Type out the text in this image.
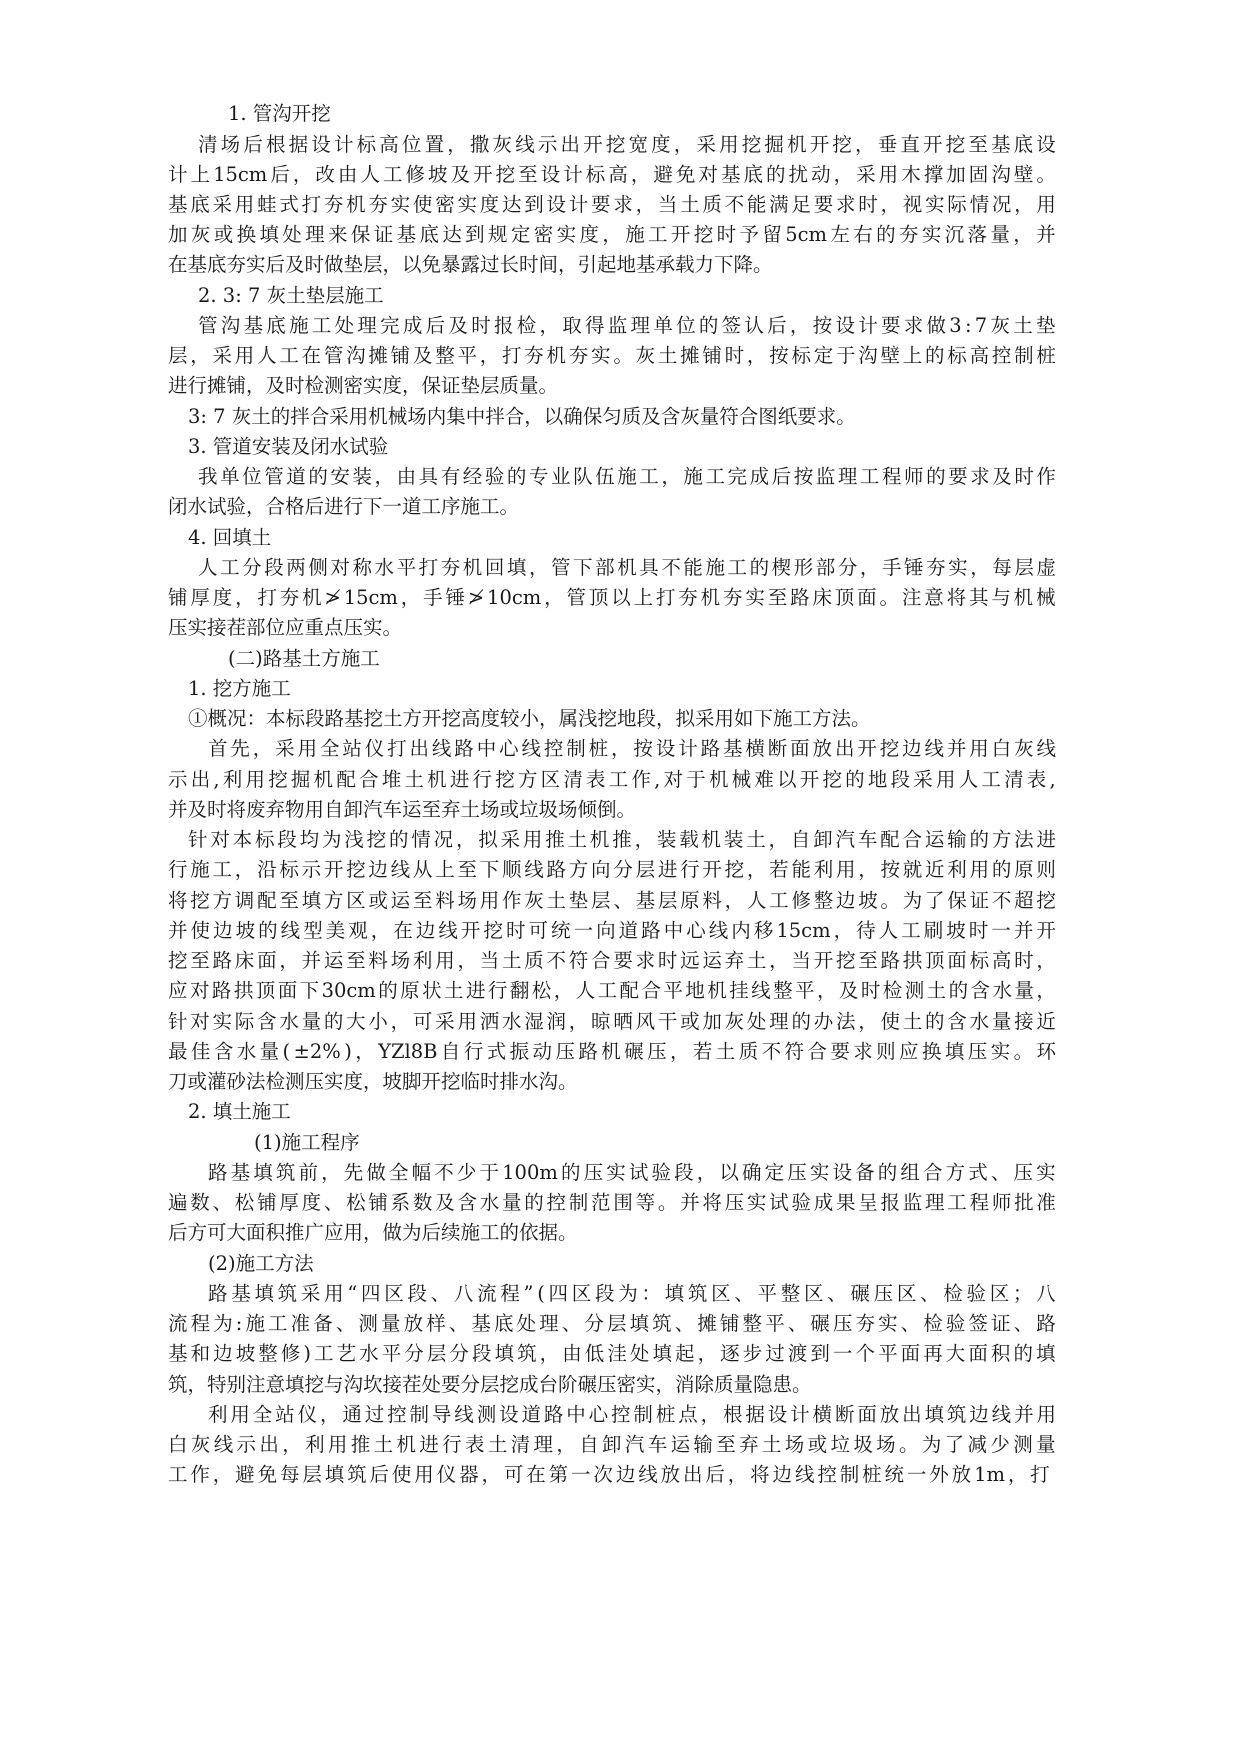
1. 管沟开挖
清 场 后 根 据 设 计 标 高 位 置 ， 撒 灰 线 示 出 开 挖 宽 度 ， 采 用 挖 掘 机 开 挖 ， 垂 直 开 挖 至 基 底 设
计 上 15cm 后 ， 改 由 人 工 修 坡 及 开 挖 至 设 计 标 高 ， 避 免 对 基 底 的 扰 动 ， 采 用 木 撑 加 固 沟 壁 。
基 底 采 用 蛙 式 打 夯 机 夯 实 使 密 实 度 达 到 设 计 要 求 ， 当 土 质 不 能 满 足 要 求 时 ， 视 实 际 情 况 ， 用
加 灰 或 换 填 处 理 来 保 证 基 底 达 到 规 定 密 实 度 ， 施 工 开 挖 时 予 留 5cm 左 右 的 夯 实 沉 落 量 ， 并
在基底夯实后及时做垫层，以免暴露过长时间，引起地基承载力下降。
2. 3: 7 灰土垫层施工
管 沟 基 底 施 工 处 理 完 成 后 及 时 报 检 ， 取 得 监 理 单 位 的 签 认 后 ， 按 设 计 要 求 做 3 : 7 灰 土 垫
层 ， 采 用 人 工 在 管 沟 摊 铺 及 整 平 ， 打 夯 机 夯 实 。 灰 土 摊 铺 时 ， 按 标 定 于 沟 壁 上 的 标 高 控 制 桩
进行摊铺，及时检测密实度，保证垫层质量。
3: 7 灰土的拌合采用机械场内集中拌合，以确保匀质及含灰量符合图纸要求。
3. 管道安装及闭水试验
我 单 位 管 道 的 安 装 ， 由 具 有 经 验 的 专 业 队 伍 施 工 ， 施 工 完 成 后 按 监 理 工 程 师 的 要 求 及 时 作
闭水试验，合格后进行下一道工序施工。
4. 回填土
人 工 分 段 两 侧 对 称 水 平 打 夯 机 回 填 ， 管 下 部 机 具 不 能 施 工 的 楔 形 部 分 ， 手 锤 夯 实 ， 每 层 虚
铺 厚 度 ， 打 夯 机 ≯ 15cm ， 手 锤 ≯ 10cm ， 管 顶 以 上 打 夯 机 夯 实 至 路 床 顶 面 。 注 意 将 其 与 机 械
压实接茬部位应重点压实。
(二)路基土方施工
1. 挖方施工
①概况：本标段路基挖土方开挖高度较小，属浅挖地段，拟采用如下施工方法。
首 先 ， 采 用 全 站 仪 打 出 线 路 中 心 线 控 制 桩 ， 按 设 计 路 基 横 断 面 放 出 开 挖 边 线 并 用 白 灰 线
示 出 , 利 用 挖 掘 机 配 合 堆 土 机 进 行 挖 方 区 清 表 工 作 , 对 于 机 械 难 以 开 挖 的 地 段 采 用 人 工 清 表 ,
并及时将废弃物用自卸汽车运至弃土场或垃圾场倾倒。
针 对 本 标 段 均 为 浅 挖 的 情 况 ， 拟 采 用 推 土 机 推 ， 装 载 机 装 土 ， 自 卸 汽 车 配 合 运 输 的 方 法 进
行 施 工 ， 沿 标 示 开 挖 边 线 从 上 至 下 顺 线 路 方 向 分 层 进 行 开 挖 ， 若 能 利 用 ， 按 就 近 利 用 的 原 则
将 挖 方 调 配 至 填 方 区 或 运 至 料 场 用 作 灰 土 垫 层 、 基 层 原 料 ， 人 工 修 整 边 坡 。 为 了 保 证 不 超 挖
并 使 边 坡 的 线 型 美 观 ， 在 边 线 开 挖 时 可 统 一 向 道 路 中 心 线 内 移 15cm ， 待 人 工 刷 坡 时 一 并 开
挖 至 路 床 面 ， 并 运 至 料 场 利 用 ， 当 土 质 不 符 合 要 求 时 远 运 弃 土 ， 当 开 挖 至 路 拱 顶 面 标 高 时 ，
应 对 路 拱 顶 面 下 30cm 的 原 状 土 进 行 翻 松 ， 人 工 配 合 平 地 机 挂 线 整 平 ， 及 时 检 测 土 的 含 水 量 ，
针 对 实 际 含 水 量 的 大 小 ， 可 采 用 洒 水 湿 润 ， 晾 晒 风 干 或 加 灰 处 理 的 办 法 ， 使 土 的 含 水 量 接 近
最 佳 含 水 量 ( ±2% ) ， YZl8B 自 行 式 振 动 压 路 机 碾 压 ， 若 土 质 不 符 合 要 求 则 应 换 填 压 实 。 环
刀或灌砂法检测压实度，坡脚开挖临时排水沟。
2. 填土施工
(1)施工程序
路 基 填 筑 前 ， 先 做 全 幅 不 少 于 100m 的 压 实 试 验 段 ， 以 确 定 压 实 设 备 的 组 合 方 式 、 压 实
遍 数 、 松 铺 厚 度 、 松 铺 系 数 及 含 水 量 的 控 制 范 围 等 。 并 将 压 实 试 验 成 果 呈 报 监 理 工 程 师 批 准
后方可大面积推广应用，做为后续施工的依据。
(2)施工方法
路 基 填 筑 采 用 “ 四 区 段 、 八 流 程 ” ( 四 区 段 为 ： 填 筑 区 、 平 整 区 、 碾 压 区 、 检 验 区 ； 八
流 程 为 : 施 工 准 备 、 测 量 放 样 、 基 底 处 理 、 分 层 填 筑 、 摊 铺 整 平 、 碾 压 夯 实 、 检 验 签 证 、 路
基 和 边 坡 整 修 ) 工 艺 水 平 分 层 分 段 填 筑 ， 由 低 洼 处 填 起 ， 逐 步 过 渡 到 一 个 平 面 再 大 面 积 的 填
筑，特别注意填挖与沟坎接茬处要分层挖成台阶碾压密实，消除质量隐患。
利 用 全 站 仪 ， 通 过 控 制 导 线 测 设 道 路 中 心 控 制 桩 点 ， 根 据 设 计 横 断 面 放 出 填 筑 边 线 并 用
白 灰 线 示 出 ， 利 用 推 土 机 进 行 表 土 清 理 ， 自 卸 汽 车 运 输 至 弃 土 场 或 垃 圾 场 。 为 了 减 少 测 量
工 作 ， 避 免 每 层 填 筑 后 使 用 仪 器 ， 可 在 第 一 次 边 线 放 出 后 ， 将 边 线 控 制 桩 统 一 外 放 1m ， 打
